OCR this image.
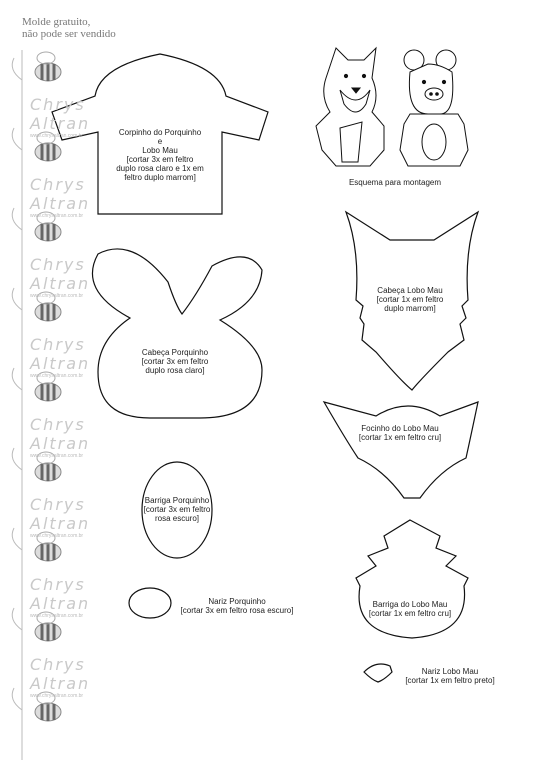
Molde gratuito,
não pode ser vendido
Chrys Altran
www.chrysaltran.com.br
Chrys Altran
www.chrysaltran.com.br
Chrys Altran
www.chrysaltran.com.br
Chrys Altran
www.chrysaltran.com.br
Chrys Altran
www.chrysaltran.com.br
Chrys Altran
www.chrysaltran.com.br
Chrys Altran
www.chrysaltran.com.br
Chrys Altran
www.chrysaltran.com.br
Corpinho do Porquinho
e
Lobo Mau
[cortar 3x em feltro
duplo rosa claro e 1x em
feltro duplo marrom]
Cabeça Porquinho
[cortar 3x em feltro
duplo rosa claro]
Barriga Porquinho
[cortar 3x em feltro
rosa escuro]
Nariz Porquinho
[cortar 3x em feltro rosa escuro]
Esquema para montagem
Cabeça Lobo Mau
[cortar 1x em feltro
duplo marrom]
Focinho do Lobo Mau
[cortar 1x em feltro cru]
Barriga do Lobo Mau
[cortar 1x em feltro cru]
Nariz Lobo Mau
[cortar 1x em feltro preto]
